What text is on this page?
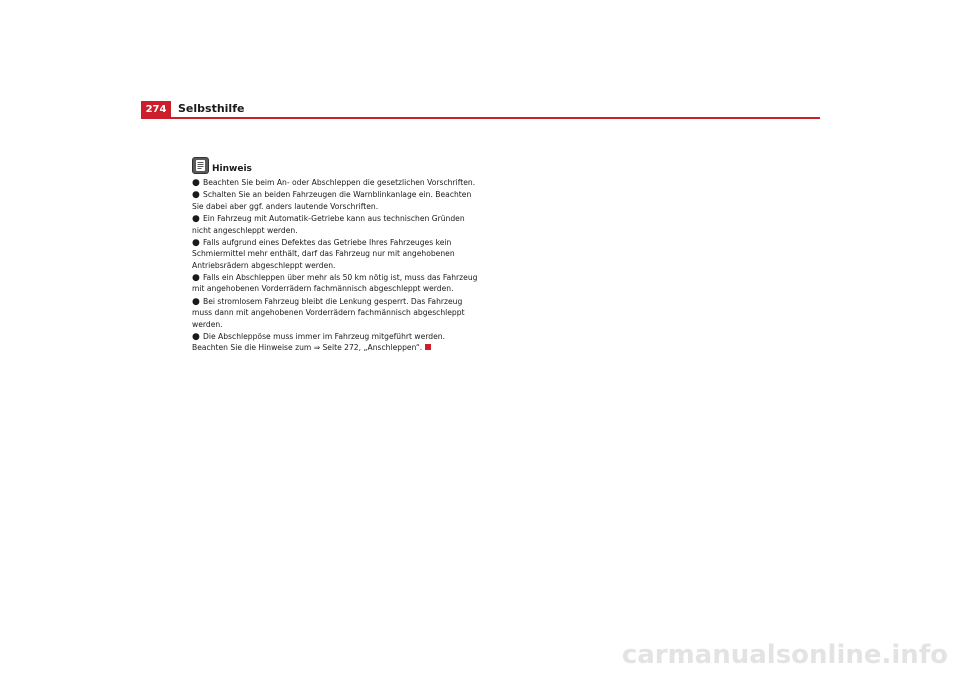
274	Selbsthilfe
Hinweis
● Beachten Sie beim An- oder Abschleppen die gesetzlichen Vorschriften.
● Schalten Sie an beiden Fahrzeugen die Warnblinkanlage ein. Beachten Sie dabei aber ggf. anders lautende Vorschriften.
● Ein Fahrzeug mit Automatik-Getriebe kann aus technischen Gründen nicht angeschleppt werden.
● Falls aufgrund eines Defektes das Getriebe Ihres Fahrzeuges kein Schmiermittel mehr enthält, darf das Fahrzeug nur mit angehobenen Antriebsrädern abgeschleppt werden.
● Falls ein Abschleppen über mehr als 50 km nötig ist, muss das Fahrzeug mit angehobenen Vorderrädern fachmännisch abgeschleppt werden.
● Bei stromlosem Fahrzeug bleibt die Lenkung gesperrt. Das Fahrzeug muss dann mit angehobenen Vorderrädern fachmännisch abgeschleppt werden.
● Die Abschleppöse muss immer im Fahrzeug mitgeführt werden. Beachten Sie die Hinweise zum ⇒ Seite 272, „Anschleppen“.
carmanualsonline.info
